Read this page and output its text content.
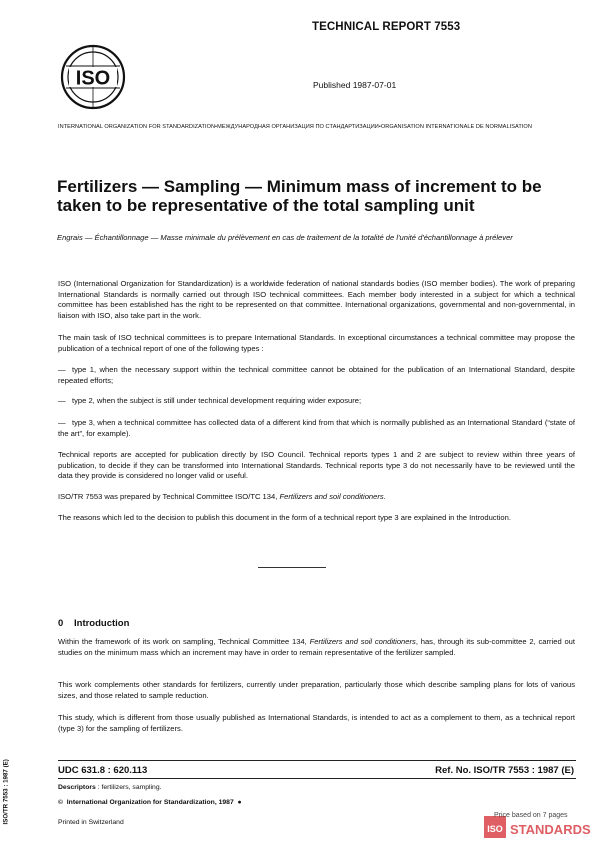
TECHNICAL REPORT 7553
ISO	Published 1987-07-01
INTERNATIONAL ORGANIZATION FOR STANDARDIZATION•МЕЖДУНАРОДНАЯ ОРГАНИЗАЦИЯ ПО СТАНДАРТИЗАЦИИ•ORGANISATION INTERNATIONALE DE NORMALISATION
Fertilizers — Sampling — Minimum mass of increment to be taken to be representative of the total sampling unit
Engrais — Échantillonnage — Masse minimale du prélèvement en cas de traitement de la totalité de l'unité d'échantillonnage à prélever
ISO (International Organization for Standardization) is a worldwide federation of national standards bodies (ISO member bodies). The work of preparing International Standards is normally carried out through ISO technical committees. Each member body interested in a subject for which a technical committee has been established has the right to be represented on that committee. International organizations, governmental and non-governmental, in liaison with ISO, also take part in the work.
The main task of ISO technical committees is to prepare International Standards. In exceptional circumstances a technical committee may propose the publication of a technical report of one of the following types :
— type 1, when the necessary support within the technical committee cannot be obtained for the publication of an International Standard, despite repeated efforts;
— type 2, when the subject is still under technical development requiring wider exposure;
— type 3, when a technical committee has collected data of a different kind from that which is normally published as an International Standard (“state of the art”, for example).
Technical reports are accepted for publication directly by ISO Council. Technical reports types 1 and 2 are subject to review within three years of publication, to decide if they can be transformed into International Standards. Technical reports type 3 do not necessarily have to be reviewed until the data they provide is considered no longer valid or useful.
ISO/TR 7553 was prepared by Technical Committee ISO/TC 134, Fertilizers and soil conditioners.
The reasons which led to the decision to publish this document in the form of a technical report type 3 are explained in the Introduction.
0 Introduction
Within the framework of its work on sampling, Technical Committee 134, Fertilizers and soil conditioners, has, through its sub-committee 2, carried out studies on the minimum mass which an increment may have in order to remain representative of the fertilizer sampled.
This work complements other standards for fertilizers, currently under preparation, particularly those which describe sampling plans for lots of various sizes, and those related to sample reduction.
This study, which is different from those usually published as International Standards, is intended to act as a complement to them, as a technical report (type 3) for the sampling of fertilizers.
UDC 631.8 : 620.113	Ref. No. ISO/TR 7553 : 1987 (E)
Descriptors : fertilizers, sampling.
© International Organization for Standardization, 1987 ●
Printed in Switzerland
ISO/TR 7553 : 1987 (E)
ISO STANDARDS
Price based on 7 pages
